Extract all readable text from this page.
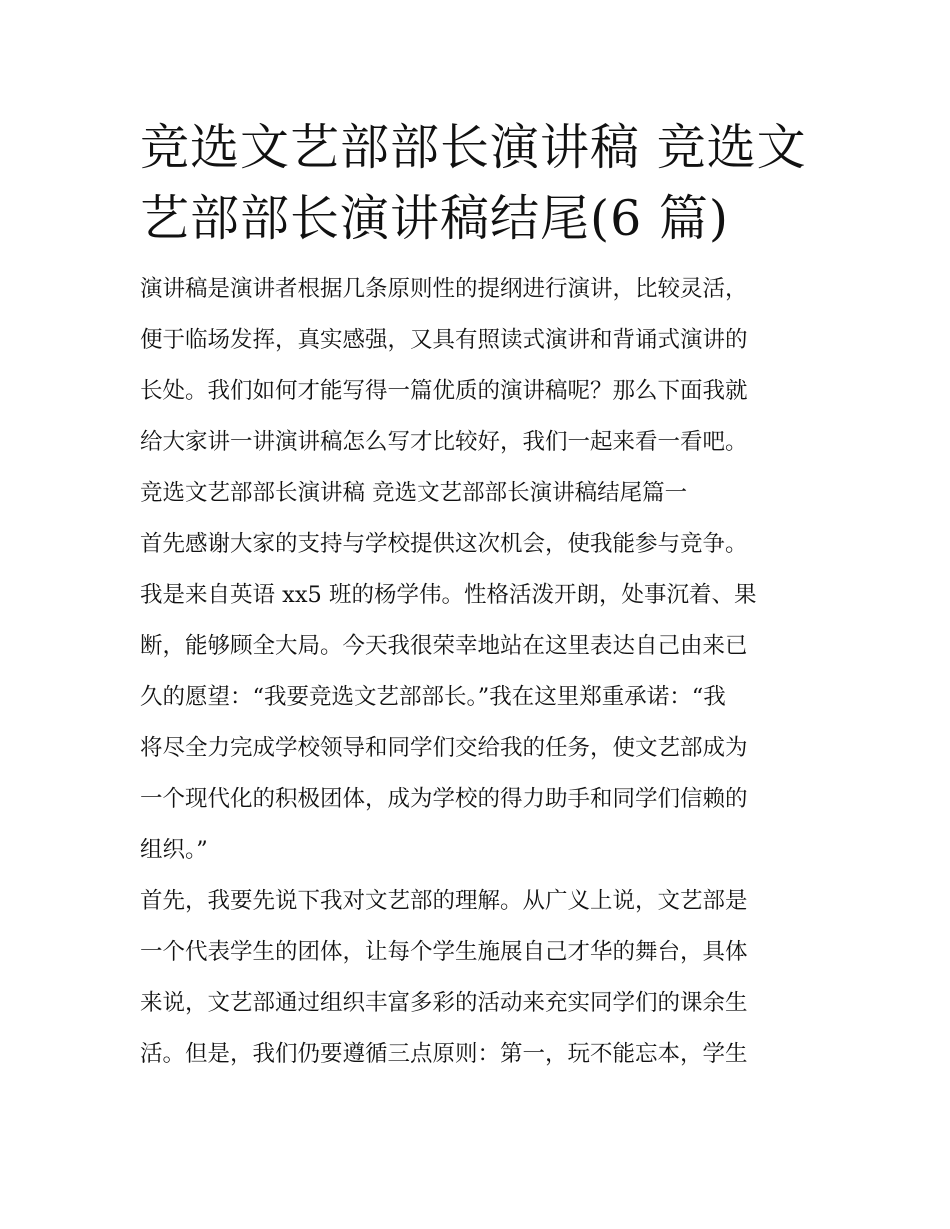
竞选文艺部部长演讲稿 竞选文
艺部部长演讲稿结尾(6 篇)
演讲稿是演讲者根据几条原则性的提纲进行演讲，比较灵活，
便于临场发挥，真实感强，又具有照读式演讲和背诵式演讲的
长处。我们如何才能写得一篇优质的演讲稿呢？那么下面我就
给大家讲一讲演讲稿怎么写才比较好，我们一起来看一看吧。
竞选文艺部部长演讲稿 竞选文艺部部长演讲稿结尾篇一
首先感谢大家的支持与学校提供这次机会，使我能参与竞争。
我是来自英语 xx5 班的杨学伟。性格活泼开朗，处事沉着、果
断，能够顾全大局。今天我很荣幸地站在这里表达自己由来已
久的愿望：“我要竞选文艺部部长。”我在这里郑重承诺：“我
将尽全力完成学校领导和同学们交给我的任务，使文艺部成为
一个现代化的积极团体，成为学校的得力助手和同学们信赖的
组织。”
首先，我要先说下我对文艺部的理解。从广义上说，文艺部是
一个代表学生的团体，让每个学生施展自己才华的舞台，具体
来说，文艺部通过组织丰富多彩的活动来充实同学们的课余生
活。但是，我们仍要遵循三点原则：第一，玩不能忘本，学生
